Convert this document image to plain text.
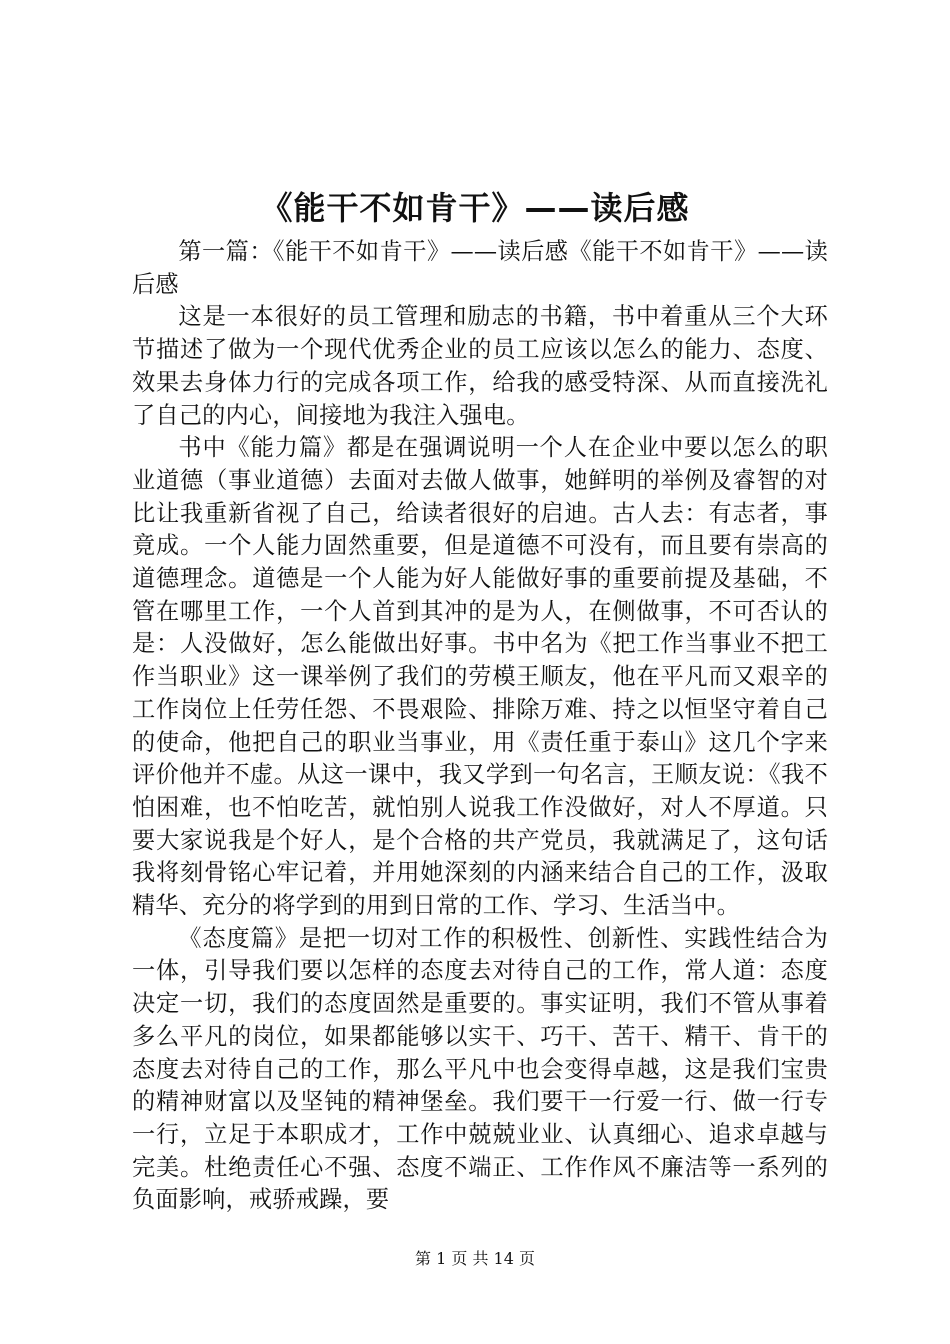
《能干不如肯干》——读后感

第一篇：《能干不如肯干》——读后感《能干不如肯干》——读后感

这是一本很好的员工管理和励志的书籍，书中着重从三个大环节描述了做为一个现代优秀企业的员工应该以怎么的能力、态度、效果去身体力行的完成各项工作，给我的感受特深、从而直接洗礼了自己的内心，间接地为我注入强电。

书中《能力篇》都是在强调说明一个人在企业中要以怎么的职业道德（事业道德）去面对去做人做事，她鲜明的举例及睿智的对比让我重新省视了自己，给读者很好的启迪。古人去：有志者，事竟成。一个人能力固然重要，但是道德不可没有，而且要有崇高的道德理念。道德是一个人能为好人能做好事的重要前提及基础，不管在哪里工作，一个人首到其冲的是为人，在侧做事，不可否认的是：人没做好，怎么能做出好事。书中名为《把工作当事业不把工作当职业》这一课举例了我们的劳模王顺友，他在平凡而又艰辛的工作岗位上任劳任怨、不畏艰险、排除万难、持之以恒坚守着自己的使命，他把自己的职业当事业，用《责任重于泰山》这几个字来评价他并不虚。从这一课中，我又学到一句名言，王顺友说：《我不怕困难，也不怕吃苦，就怕别人说我工作没做好，对人不厚道。只要大家说我是个好人，是个合格的共产党员，我就满足了，这句话我将刻骨铭心牢记着，并用她深刻的内涵来结合自己的工作，汲取精华、充分的将学到的用到日常的工作、学习、生活当中。

《态度篇》是把一切对工作的积极性、创新性、实践性结合为一体，引导我们要以怎样的态度去对待自己的工作，常人道：态度决定一切，我们的态度固然是重要的。事实证明，我们不管从事着多么平凡的岗位，如果都能够以实干、巧干、苦干、精干、肯干的态度去对待自己的工作，那么平凡中也会变得卓越，这是我们宝贵的精神财富以及坚钝的精神堡垒。我们要干一行爱一行、做一行专一行，立足于本职成才，工作中兢兢业业、认真细心、追求卓越与完美。杜绝责任心不强、态度不端正、工作作风不廉洁等一系列的负面影响，戒骄戒躁，要

第 1 页 共 14 页
